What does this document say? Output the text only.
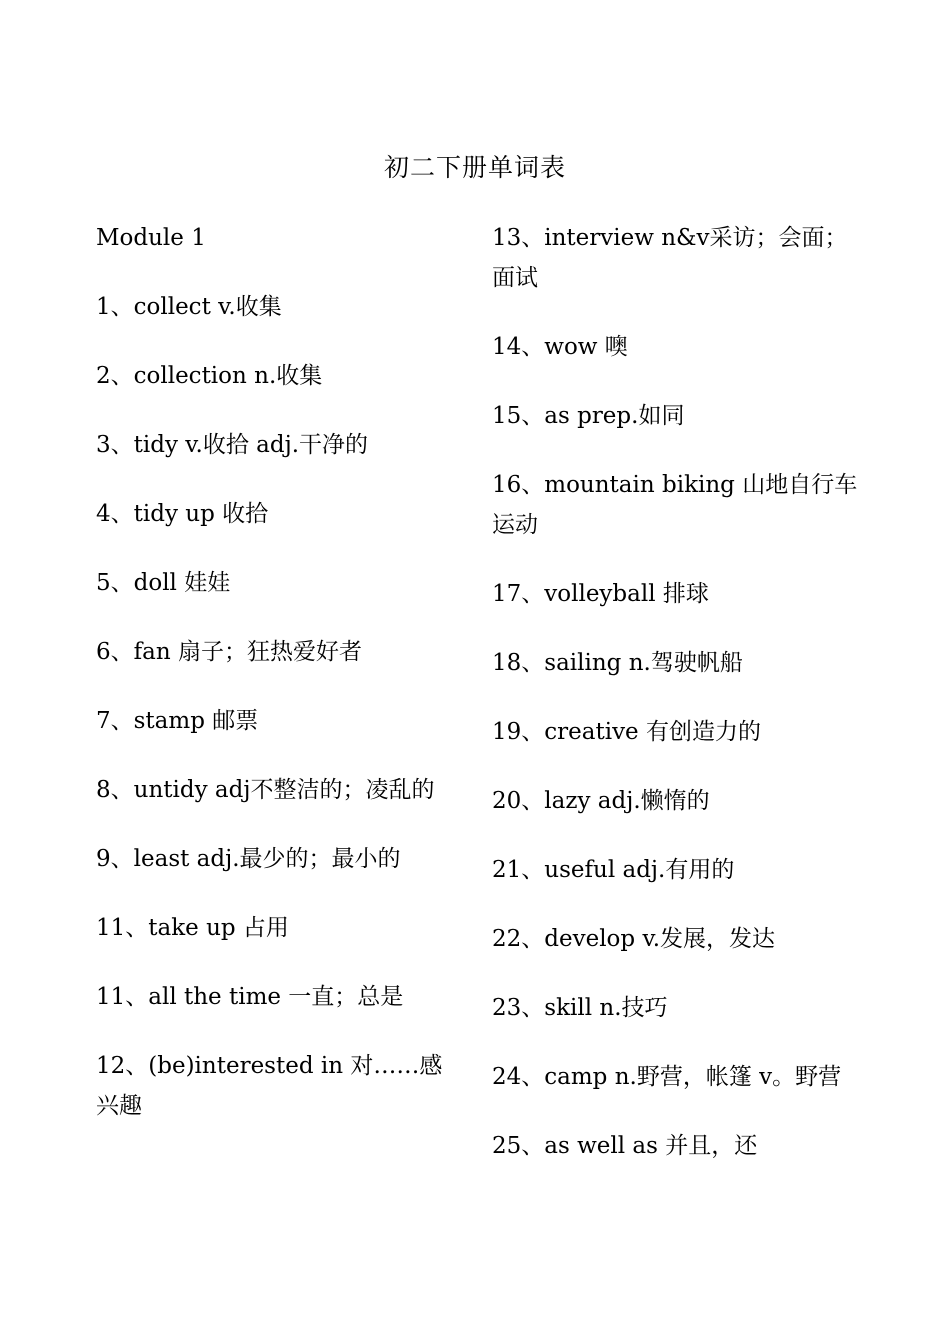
初二下册单词表
Module 1
1、collect v.收集
2、collection n.收集
3、tidy v.收拾 adj.干净的
4、tidy up 收拾
5、doll 娃娃
6、fan 扇子；狂热爱好者
7、stamp 邮票
8、untidy adj不整洁的；凌乱的
9、least adj.最少的；最小的
11、take up 占用
11、all the time 一直；总是
12、(be)interested in 对……感兴趣
13、interview n&v采访；会面；面试
14、wow 噢
15、as prep.如同
16、mountain biking 山地自行车运动
17、volleyball 排球
18、sailing n.驾驶帆船
19、creative 有创造力的
20、lazy adj.懒惰的
21、useful adj.有用的
22、develop v.发展，发达
23、skill n.技巧
24、camp n.野营，帐篷 v。野营
25、as well as 并且，还
